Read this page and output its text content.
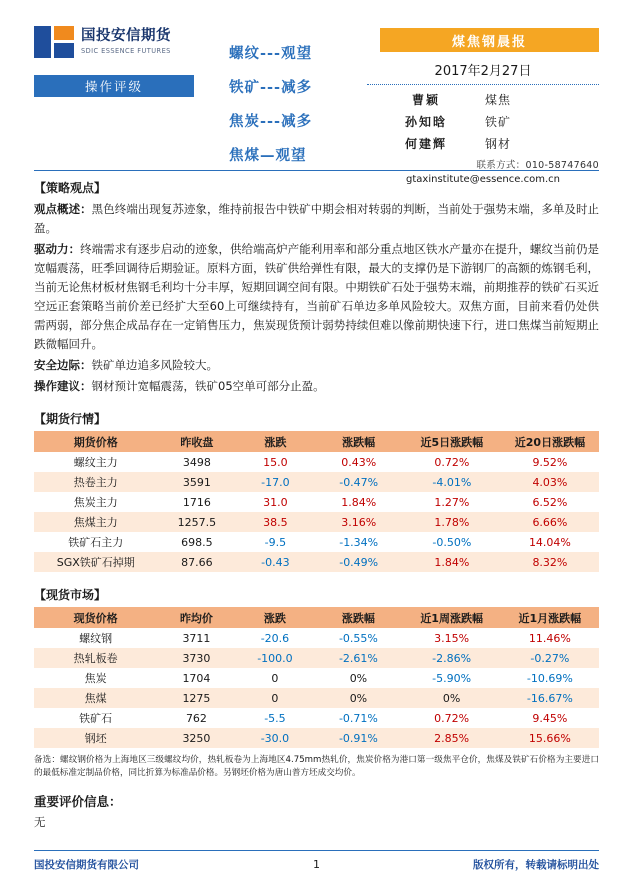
国投安信期货
SDIC ESSENCE FUTURES
操作评级
螺纹---观望
铁矿---减多
焦炭---减多
焦煤—观望
煤焦钢晨报
2017年2月27日
曹颖	煤焦
孙知晗	铁矿
何建辉	钢材
联系方式：010-58747640
gtaxinstitute@essence.com.cn
【策略观点】

观点概述：黑色终端出现复苏迹象，维持前报告中铁矿中期会相对转弱的判断，当前处于强势末端，多单及时止盈。

驱动力：终端需求有逐步启动的迹象，供给端高炉产能利用率和部分重点地区铁水产量亦在提升，螺纹当前仍是宽幅震荡，旺季回调待后期验证。原料方面，铁矿供给弹性有限，最大的支撑仍是下游钢厂的高额的炼钢毛利，当前无论焦材板材焦钢毛利均十分丰厚，短期回调空间有限。中期铁矿石处于强势末端，前期推荐的铁矿石买近空远正套策略当前价差已经扩大至60上可继续持有，当前矿石单边多单风险较大。双焦方面，目前来看仍处供需两弱，部分焦企成品存在一定销售压力，焦炭现货预计弱势持续但难以像前期快速下行，进口焦煤当前短期止跌微幅回升。

安全边际：铁矿单边追多风险较大。

操作建议：钢材预计宽幅震荡，铁矿05空单可部分止盈。

【期货行情】
期货价格	昨收盘	涨跌	涨跌幅	近5日涨跌幅	近20日涨跌幅
螺纹主力	3498	15.0	0.43%	0.72%	9.52%
热卷主力	3591	-17.0	-0.47%	-4.01%	4.03%
焦炭主力	1716	31.0	1.84%	1.27%	6.52%
焦煤主力	1257.5	38.5	3.16%	1.78%	6.66%
铁矿石主力	698.5	-9.5	-1.34%	-0.50%	14.04%
SGX铁矿石掉期	87.66	-0.43	-0.49%	1.84%	8.32%
【现货市场】
现货价格	昨均价	涨跌	涨跌幅	近1周涨跌幅	近1月涨跌幅
螺纹钢	3711	-20.6	-0.55%	3.15%	11.46%
热轧板卷	3730	-100.0	-2.61%	-2.86%	-0.27%
焦炭	1704	0	0%	-5.90%	-10.69%
焦煤	1275	0	0%	0%	-16.67%
铁矿石	762	-5.5	-0.71%	0.72%	9.45%
钢坯	3250	-30.0	-0.91%	2.85%	15.66%
备选：螺纹钢价格为上海地区三级螺纹均价，热轧板卷为上海地区4.75mm热轧价，焦炭价格为港口第一级焦平仓价，焦煤及铁矿石价格为主要进口的最低标准定制品价格，同比折算为标准品价格。另钢坯价格为唐山普方坯成交均价。
重要评价信息：
无
国投安信期货有限公司	1	版权所有，转载请标明出处
